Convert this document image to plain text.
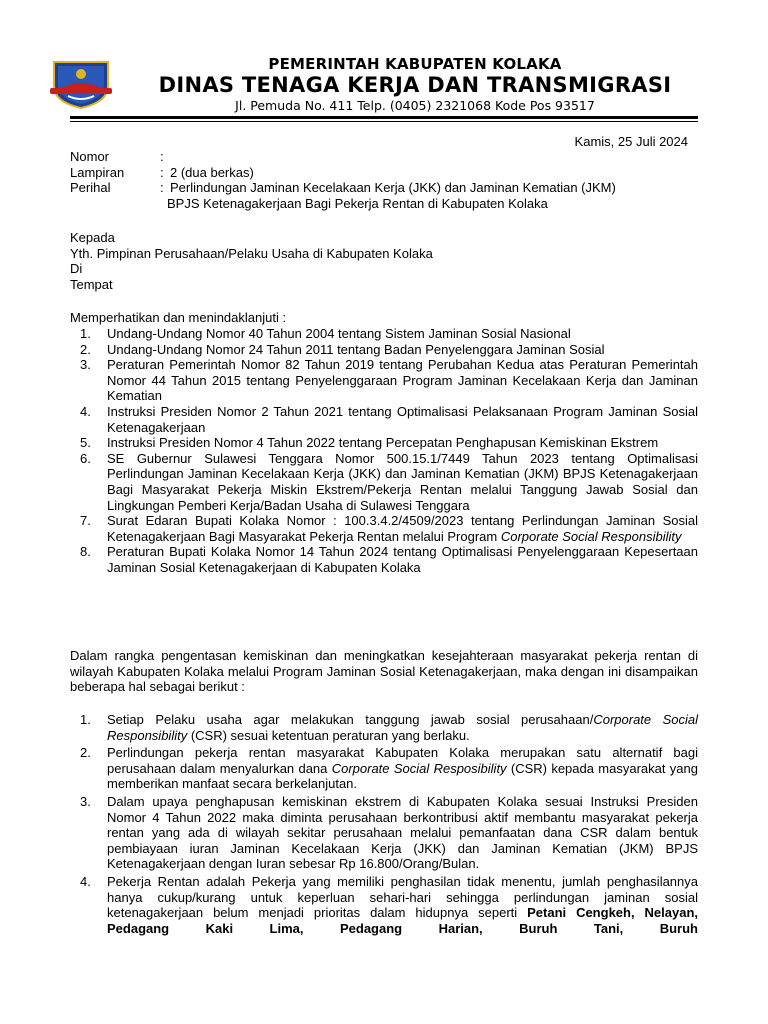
PEMERINTAH KABUPATEN KOLAKA
DINAS TENAGA KERJA DAN TRANSMIGRASI
Jl. Pemuda No. 411 Telp. (0405) 2321068 Kode Pos 93517
Kamis, 25 Juli 2024
Nomor	:
Lampiran	: 2 (dua berkas)
Perihal	: Perlindungan Jaminan Kecelakaan Kerja (JKK) dan Jaminan Kematian (JKM)
BPJS Ketenagakerjaan Bagi Pekerja Rentan di Kabupaten Kolaka
Kepada
Yth. Pimpinan Perusahaan/Pelaku Usaha di Kabupaten Kolaka
Di
Tempat
Memperhatikan dan menindaklanjuti :
1. Undang-Undang Nomor 40 Tahun 2004 tentang Sistem Jaminan Sosial Nasional
2. Undang-Undang Nomor 24 Tahun 2011 tentang Badan Penyelenggara Jaminan Sosial
3. Peraturan Pemerintah Nomor 82 Tahun 2019 tentang Perubahan Kedua atas Peraturan Pemerintah Nomor 44 Tahun 2015 tentang Penyelenggaraan Program Jaminan Kecelakaan Kerja dan Jaminan Kematian
4. Instruksi Presiden Nomor 2 Tahun 2021 tentang Optimalisasi Pelaksanaan Program Jaminan Sosial Ketenagakerjaan
5. Instruksi Presiden Nomor 4 Tahun 2022 tentang Percepatan Penghapusan Kemiskinan Ekstrem
6. SE Gubernur Sulawesi Tenggara Nomor 500.15.1/7449 Tahun 2023 tentang Optimalisasi Perlindungan Jaminan Kecelakaan Kerja (JKK) dan Jaminan Kematian (JKM) BPJS Ketenagakerjaan Bagi Masyarakat Pekerja Miskin Ekstrem/Pekerja Rentan melalui Tanggung Jawab Sosial dan Lingkungan Pemberi Kerja/Badan Usaha di Sulawesi Tenggara
7. Surat Edaran Bupati Kolaka Nomor : 100.3.4.2/4509/2023 tentang Perlindungan Jaminan Sosial Ketenagakerjaan Bagi Masyarakat Pekerja Rentan melalui Program Corporate Social Responsibility
8. Peraturan Bupati Kolaka Nomor 14 Tahun 2024 tentang Optimalisasi Penyelenggaraan Kepesertaan Jaminan Sosial Ketenagakerjaan di Kabupaten Kolaka
Dalam rangka pengentasan kemiskinan dan meningkatkan kesejahteraan masyarakat pekerja rentan di wilayah Kabupaten Kolaka melalui Program Jaminan Sosial Ketenagakerjaan, maka dengan ini disampaikan beberapa hal sebagai berikut :
1. Setiap Pelaku usaha agar melakukan tanggung jawab sosial perusahaan/Corporate Social Responsibility (CSR) sesuai ketentuan peraturan yang berlaku.
2. Perlindungan pekerja rentan masyarakat Kabupaten Kolaka merupakan satu alternatif bagi perusahaan dalam menyalurkan dana Corporate Social Resposibility (CSR) kepada masyarakat yang memberikan manfaat secara berkelanjutan.
3. Dalam upaya penghapusan kemiskinan ekstrem di Kabupaten Kolaka sesuai Instruksi Presiden Nomor 4 Tahun 2022 maka diminta perusahaan berkontribusi aktif membantu masyarakat pekerja rentan yang ada di wilayah sekitar perusahaan melalui pemanfaatan dana CSR dalam bentuk pembiayaan iuran Jaminan Kecelakaan Kerja (JKK) dan Jaminan Kematian (JKM) BPJS Ketenagakerjaan dengan Iuran sebesar Rp 16.800/Orang/Bulan.
4. Pekerja Rentan adalah Pekerja yang memiliki penghasilan tidak menentu, jumlah penghasilannya hanya cukup/kurang untuk keperluan sehari-hari sehingga perlindungan jaminan sosial ketenagakerjaan belum menjadi prioritas dalam hidupnya seperti Petani Cengkeh, Nelayan, Pedagang Kaki Lima, Pedagang Harian, Buruh Tani, Buruh
